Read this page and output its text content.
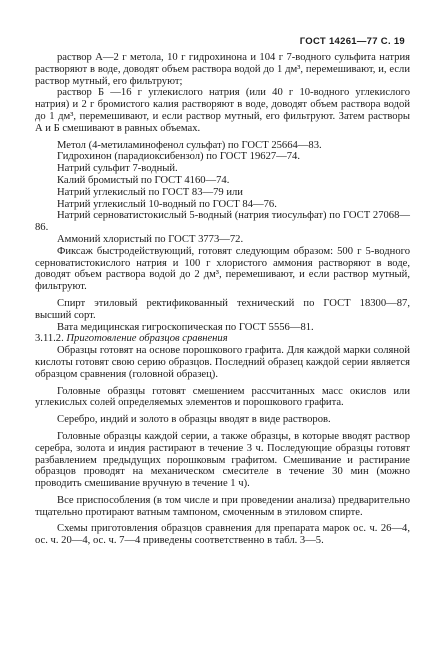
ГОСТ 14261—77 С. 19

раствор А—2 г метола, 10 г гидрохинона и 104 г 7-водного сульфита натрия растворяют в воде, доводят объем раствора водой до 1 дм³, перемешивают, и, если раствор мутный, его фильтруют;

раствор Б —16 г углекислого натрия (или 40 г 10-водного углекислого натрия) и 2 г бромистого калия растворяют в воде, доводят объем раствора водой до 1 дм³, перемешивают, и если раствор мутный, его фильтруют. Затем растворы А и Б смешивают в равных объемах.

Метол (4-метиламинофенол сульфат) по ГОСТ 25664—83.

Гидрохинон (парадиоксибензол) по ГОСТ 19627—74.

Натрий сульфит 7-водный.

Калий бромистый по ГОСТ 4160—74.

Натрий углекислый по ГОСТ 83—79 или

Натрий углекислый 10-водный по ГОСТ 84—76.

Натрий серноватистокислый 5-водный (натрия тиосульфат) по ГОСТ 27068—86.

Аммоний хлористый по ГОСТ 3773—72.

Фиксаж быстродействующий, готовят следующим образом: 500 г 5-водного серноватистокислого натрия и 100 г хлористого аммония растворяют в воде, доводят объем раствора водой до 2 дм³, перемешивают, и если раствор мутный, фильтруют.

Спирт этиловый ректификованный технический по ГОСТ 18300—87, высший сорт.

Вата медицинская гигроскопическая по ГОСТ 5556—81.

3.11.2. Приготовление образцов сравнения

Образцы готовят на основе порошкового графита. Для каждой марки соляной кислоты готовят свою серию образцов. Последний образец каждой серии является образцом сравнения (головной образец).

Головные образцы готовят смешением рассчитанных масс окислов или углекислых солей определяемых элементов и порошкового графита.

Серебро, индий и золото в образцы вводят в виде растворов.

Головные образцы каждой серии, а также образцы, в которые вводят раствор серебра, золота и индия растирают в течение 3 ч. Последующие образцы готовят разбавлением предыдущих порошковым графитом. Смешивание и растирание образцов проводят на механическом смесителе в течение 30 мин (можно проводить смешивание вручную в течение 1 ч).

Все приспособления (в том числе и при проведении анализа) предварительно тщательно протирают ватным тампоном, смоченным в этиловом спирте.

Схемы приготовления образцов сравнения для препарата марок ос. ч. 26—4, ос. ч. 20—4, ос. ч. 7—4 приведены соответственно в табл. 3—5.
